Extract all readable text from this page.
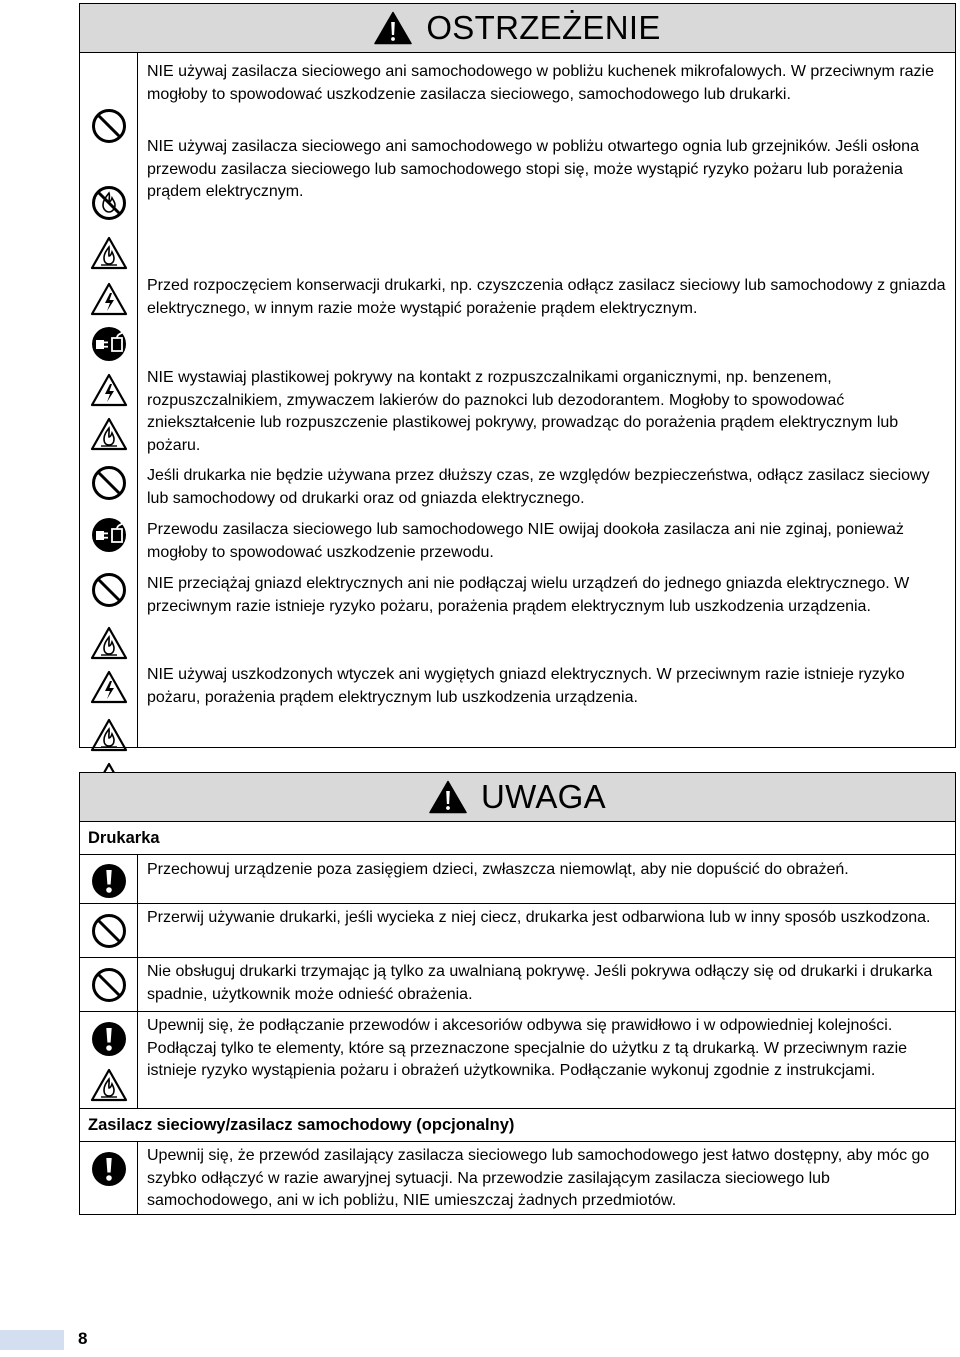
OSTRZEŻENIE

NIE używaj zasilacza sieciowego ani samochodowego w pobliżu kuchenek mikrofalowych. W przeciwnym razie mogłoby to spowodować uszkodzenie zasilacza sieciowego, samochodowego lub drukarki.

NIE używaj zasilacza sieciowego ani samochodowego w pobliżu otwartego ognia lub grzejników. Jeśli osłona przewodu zasilacza sieciowego lub samochodowego stopi się, może wystąpić ryzyko pożaru lub porażenia prądem elektrycznym.

Przed rozpoczęciem konserwacji drukarki, np. czyszczenia odłącz zasilacz sieciowy lub samochodowy z gniazda elektrycznego, w innym razie może wystąpić porażenie prądem elektrycznym.

NIE wystawiaj plastikowej pokrywy na kontakt z rozpuszczalnikami organicznymi, np. benzenem, rozpuszczalnikiem, zmywaczem lakierów do paznokci lub dezodorantem. Mogłoby to spowodować zniekształcenie lub rozpuszczenie plastikowej pokrywy, prowadząc do porażenia prądem elektrycznym lub pożaru.

Jeśli drukarka nie będzie używana przez dłuższy czas, ze względów bezpieczeństwa, odłącz zasilacz sieciowy lub samochodowy od drukarki oraz od gniazda elektrycznego.

Przewodu zasilacza sieciowego lub samochodowego NIE owijaj dookoła zasilacza ani nie zginaj, ponieważ mogłoby to spowodować uszkodzenie przewodu.

NIE przeciążaj gniazd elektrycznych ani nie podłączaj wielu urządzeń do jednego gniazda elektrycznego. W przeciwnym razie istnieje ryzyko pożaru, porażenia prądem elektrycznym lub uszkodzenia urządzenia.

NIE używaj uszkodzonych wtyczek ani wygiętych gniazd elektrycznych. W przeciwnym razie istnieje ryzyko pożaru, porażenia prądem elektrycznym lub uszkodzenia urządzenia.

UWAGA
Drukarka

Przechowuj urządzenie poza zasięgiem dzieci, zwłaszcza niemowląt, aby nie dopuścić do obrażeń.

Przerwij używanie drukarki, jeśli wycieka z niej ciecz, drukarka jest odbarwiona lub w inny sposób uszkodzona.

Nie obsługuj drukarki trzymając ją tylko za uwalnianą pokrywę. Jeśli pokrywa odłączy się od drukarki i drukarka spadnie, użytkownik może odnieść obrażenia.

Upewnij się, że podłączanie przewodów i akcesoriów odbywa się prawidłowo i w odpowiedniej kolejności. Podłączaj tylko te elementy, które są przeznaczone specjalnie do użytku z tą drukarką. W przeciwnym razie istnieje ryzyko wystąpienia pożaru i obrażeń użytkownika. Podłączanie wykonuj zgodnie z instrukcjami.

Zasilacz sieciowy/zasilacz samochodowy (opcjonalny)

Upewnij się, że przewód zasilający zasilacza sieciowego lub samochodowego jest łatwo dostępny, aby móc go szybko odłączyć w razie awaryjnej sytuacji. Na przewodzie zasilającym zasilacza sieciowego lub samochodowego, ani w ich pobliżu, NIE umieszczaj żadnych przedmiotów.

8
